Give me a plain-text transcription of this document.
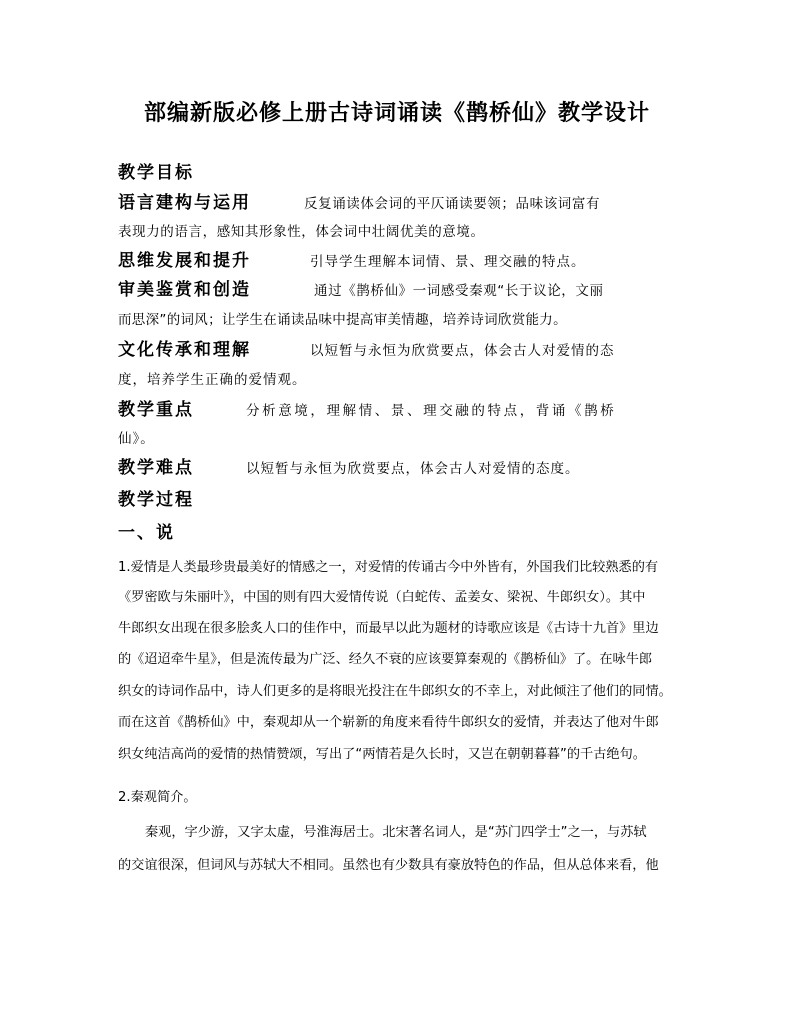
部编新版必修上册古诗词诵读《鹊桥仙》教学设计
教学目标
语言建构与运用	反复诵读体会词的平仄诵读要领；品味该词富有
表现力的语言，感知其形象性，体会词中壮阔优美的意境。
思维发展和提升	引导学生理解本词情、景、理交融的特点。
审美鉴赏和创造	通过《鹊桥仙》一词感受秦观“长于议论，文丽
而思深”的词风；让学生在诵读品味中提高审美情趣，培养诗词欣赏能力。
文化传承和理解	以短暂与永恒为欣赏要点，体会古人对爱情的态
度，培养学生正确的爱情观。
教学重点	分析意境，理解情、景、理交融的特点，背诵《鹊桥
仙》。
教学难点	以短暂与永恒为欣赏要点，体会古人对爱情的态度。
教学过程
一、说
1.爱情是人类最珍贵最美好的情感之一，对爱情的传诵古今中外皆有，外国我们比较熟悉的有
《罗密欧与朱丽叶》，中国的则有四大爱情传说（白蛇传、孟姜女、梁祝、牛郎织女）。其中
牛郎织女出现在很多脍炙人口的佳作中，而最早以此为题材的诗歌应该是《古诗十九首》里边
的《迢迢牵牛星》，但是流传最为广泛、经久不衰的应该要算秦观的《鹊桥仙》了。在咏牛郎
织女的诗词作品中，诗人们更多的是将眼光投注在牛郎织女的不幸上，对此倾注了他们的同情。
而在这首《鹊桥仙》中，秦观却从一个崭新的角度来看待牛郎织女的爱情，并表达了他对牛郎
织女纯洁高尚的爱情的热情赞颂，写出了“两情若是久长时，又岂在朝朝暮暮”的千古绝句。
2.秦观简介。
秦观，字少游，又字太虚，号淮海居士。北宋著名词人，是“苏门四学士”之一，与苏轼
的交谊很深，但词风与苏轼大不相同。虽然也有少数具有豪放特色的作品，但从总体来看，他
